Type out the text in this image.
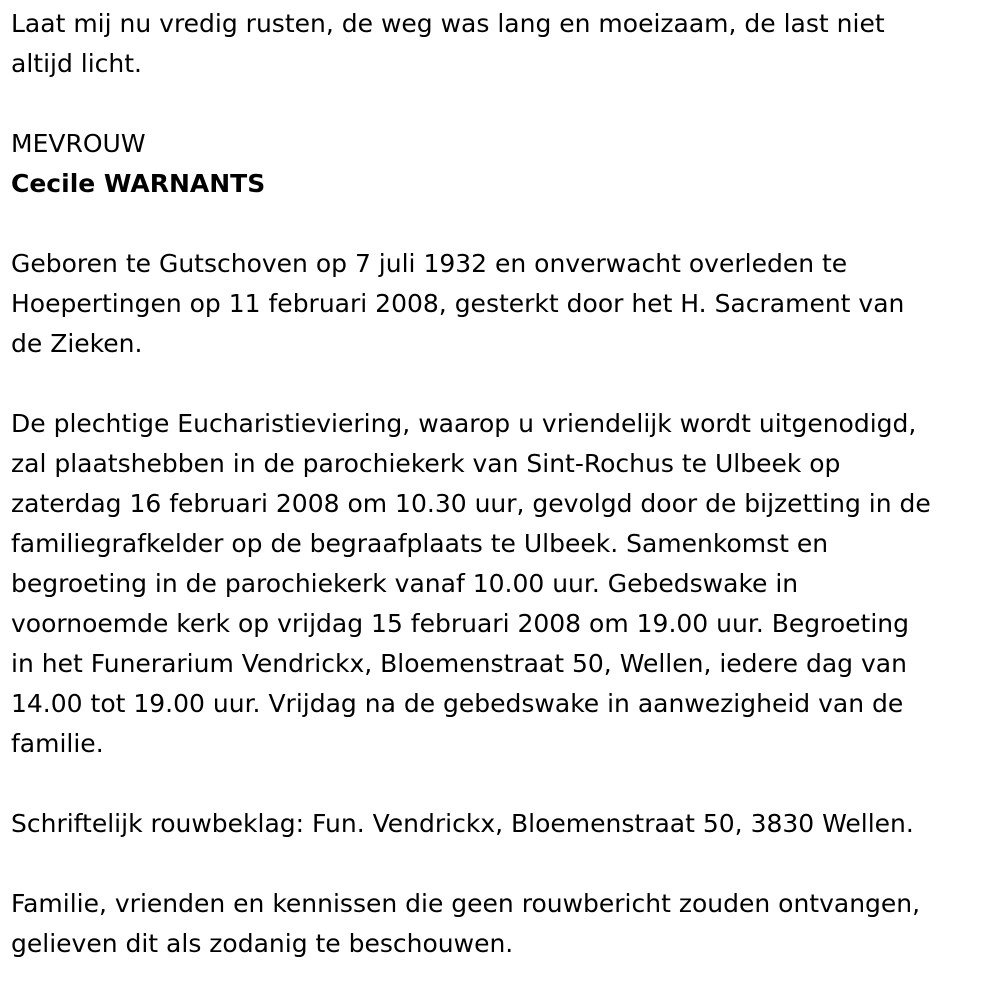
Laat mij nu vredig rusten, de weg was lang en moeizaam, de last niet

altijd licht.

MEVROUW

Cecile WARNANTS

Geboren te Gutschoven op 7 juli 1932 en onverwacht overleden te

Hoepertingen op 11 februari 2008, gesterkt door het H. Sacrament van

de Zieken.

De plechtige Eucharistieviering, waarop u vriendelijk wordt uitgenodigd,

zal plaatshebben in de parochiekerk van Sint-Rochus te Ulbeek op

zaterdag 16 februari 2008 om 10.30 uur, gevolgd door de bijzetting in de

familiegrafkelder op de begraafplaats te Ulbeek. Samenkomst en

begroeting in de parochiekerk vanaf 10.00 uur. Gebedswake in

voornoemde kerk op vrijdag 15 februari 2008 om 19.00 uur. Begroeting

in het Funerarium Vendrickx, Bloemenstraat 50, Wellen, iedere dag van

14.00 tot 19.00 uur. Vrijdag na de gebedswake in aanwezigheid van de

familie.

Schriftelijk rouwbeklag: Fun. Vendrickx, Bloemenstraat 50, 3830 Wellen.

Familie, vrienden en kennissen die geen rouwbericht zouden ontvangen,

gelieven dit als zodanig te beschouwen.
